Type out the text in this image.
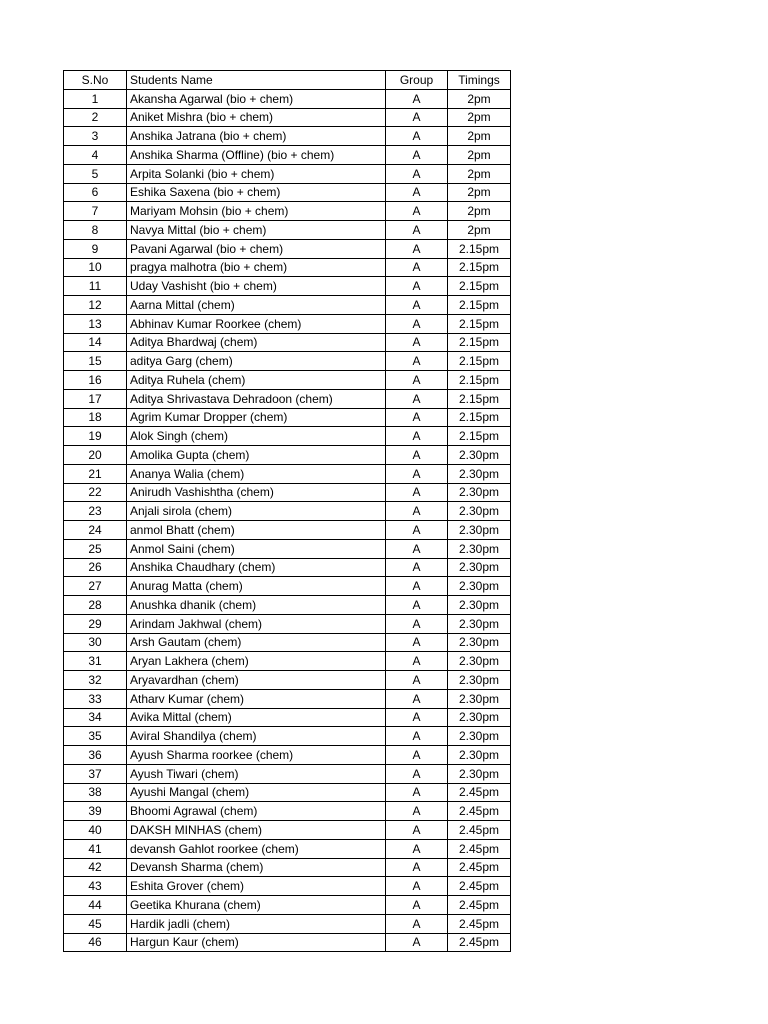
S.No	Students Name	Group	Timings
1	Akansha Agarwal (bio + chem)	A	2pm
2	Aniket Mishra (bio + chem)	A	2pm
3	Anshika Jatrana (bio + chem)	A	2pm
4	Anshika Sharma (Offline) (bio + chem)	A	2pm
5	Arpita Solanki (bio + chem)	A	2pm
6	Eshika Saxena (bio + chem)	A	2pm
7	Mariyam Mohsin (bio + chem)	A	2pm
8	Navya Mittal (bio + chem)	A	2pm
9	Pavani Agarwal (bio + chem)	A	2.15pm
10	pragya malhotra (bio + chem)	A	2.15pm
11	Uday Vashisht (bio + chem)	A	2.15pm
12	Aarna Mittal (chem)	A	2.15pm
13	Abhinav Kumar Roorkee (chem)	A	2.15pm
14	Aditya Bhardwaj (chem)	A	2.15pm
15	aditya Garg (chem)	A	2.15pm
16	Aditya Ruhela (chem)	A	2.15pm
17	Aditya Shrivastava Dehradoon (chem)	A	2.15pm
18	Agrim Kumar Dropper (chem)	A	2.15pm
19	Alok Singh (chem)	A	2.15pm
20	Amolika Gupta (chem)	A	2.30pm
21	Ananya Walia (chem)	A	2.30pm
22	Anirudh Vashishtha (chem)	A	2.30pm
23	Anjali sirola (chem)	A	2.30pm
24	anmol Bhatt (chem)	A	2.30pm
25	Anmol Saini (chem)	A	2.30pm
26	Anshika Chaudhary (chem)	A	2.30pm
27	Anurag Matta (chem)	A	2.30pm
28	Anushka dhanik (chem)	A	2.30pm
29	Arindam Jakhwal (chem)	A	2.30pm
30	Arsh Gautam (chem)	A	2.30pm
31	Aryan Lakhera (chem)	A	2.30pm
32	Aryavardhan (chem)	A	2.30pm
33	Atharv Kumar (chem)	A	2.30pm
34	Avika Mittal (chem)	A	2.30pm
35	Aviral Shandilya (chem)	A	2.30pm
36	Ayush Sharma roorkee (chem)	A	2.30pm
37	Ayush Tiwari (chem)	A	2.30pm
38	Ayushi Mangal (chem)	A	2.45pm
39	Bhoomi Agrawal (chem)	A	2.45pm
40	DAKSH MINHAS (chem)	A	2.45pm
41	devansh Gahlot roorkee (chem)	A	2.45pm
42	Devansh Sharma (chem)	A	2.45pm
43	Eshita Grover (chem)	A	2.45pm
44	Geetika Khurana (chem)	A	2.45pm
45	Hardik jadli (chem)	A	2.45pm
46	Hargun Kaur (chem)	A	2.45pm
